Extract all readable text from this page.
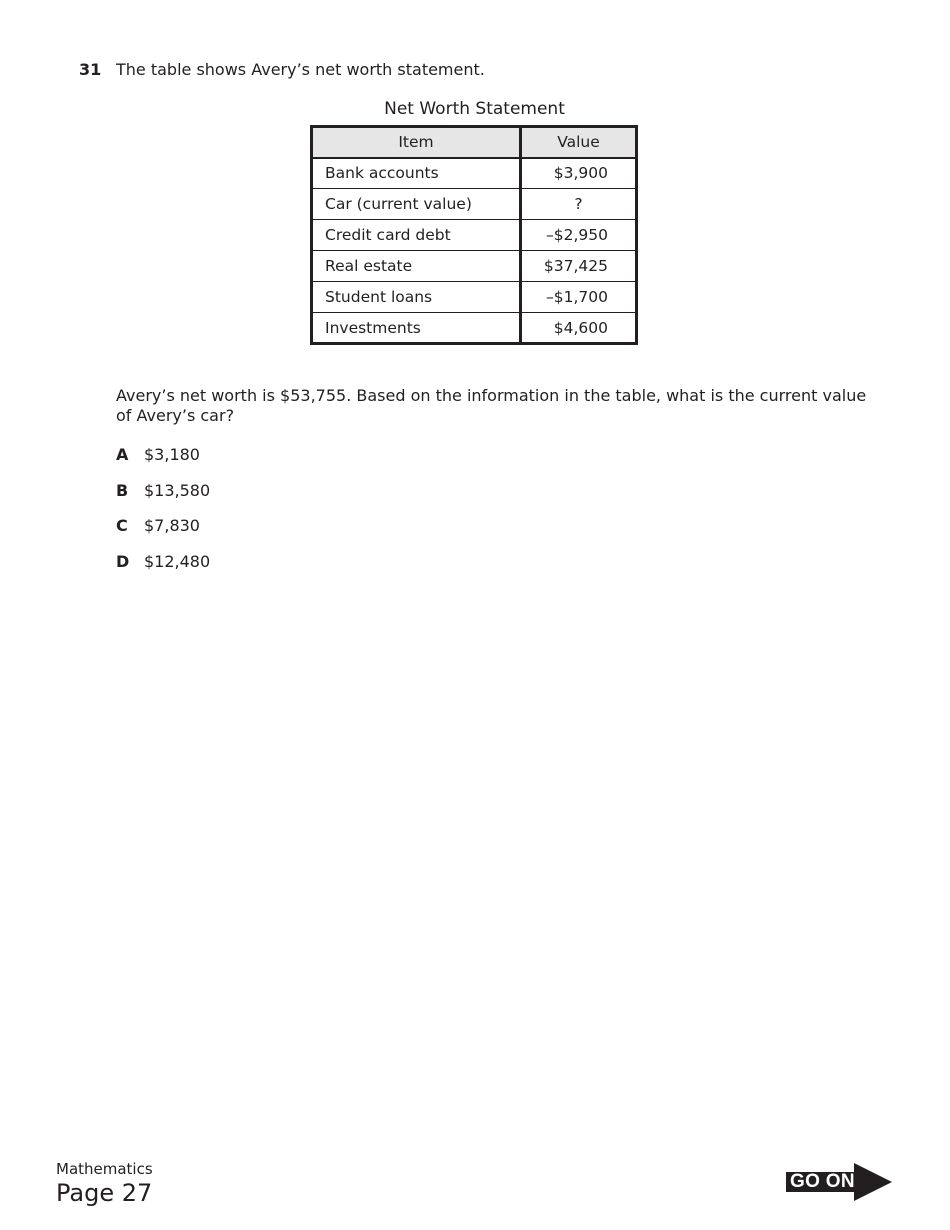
31 The table shows Avery’s net worth statement.
Net Worth Statement
Item	Value
Bank accounts	$3,900
Car (current value)	?
Credit card debt	–$2,950
Real estate	$37,425
Student loans	–$1,700
Investments	$4,600
Avery’s net worth is $53,755. Based on the information in the table, what is the current value of Avery’s car?
A $3,180
B $13,580
C $7,830
D $12,480
Mathematics
Page 27	GO ON
